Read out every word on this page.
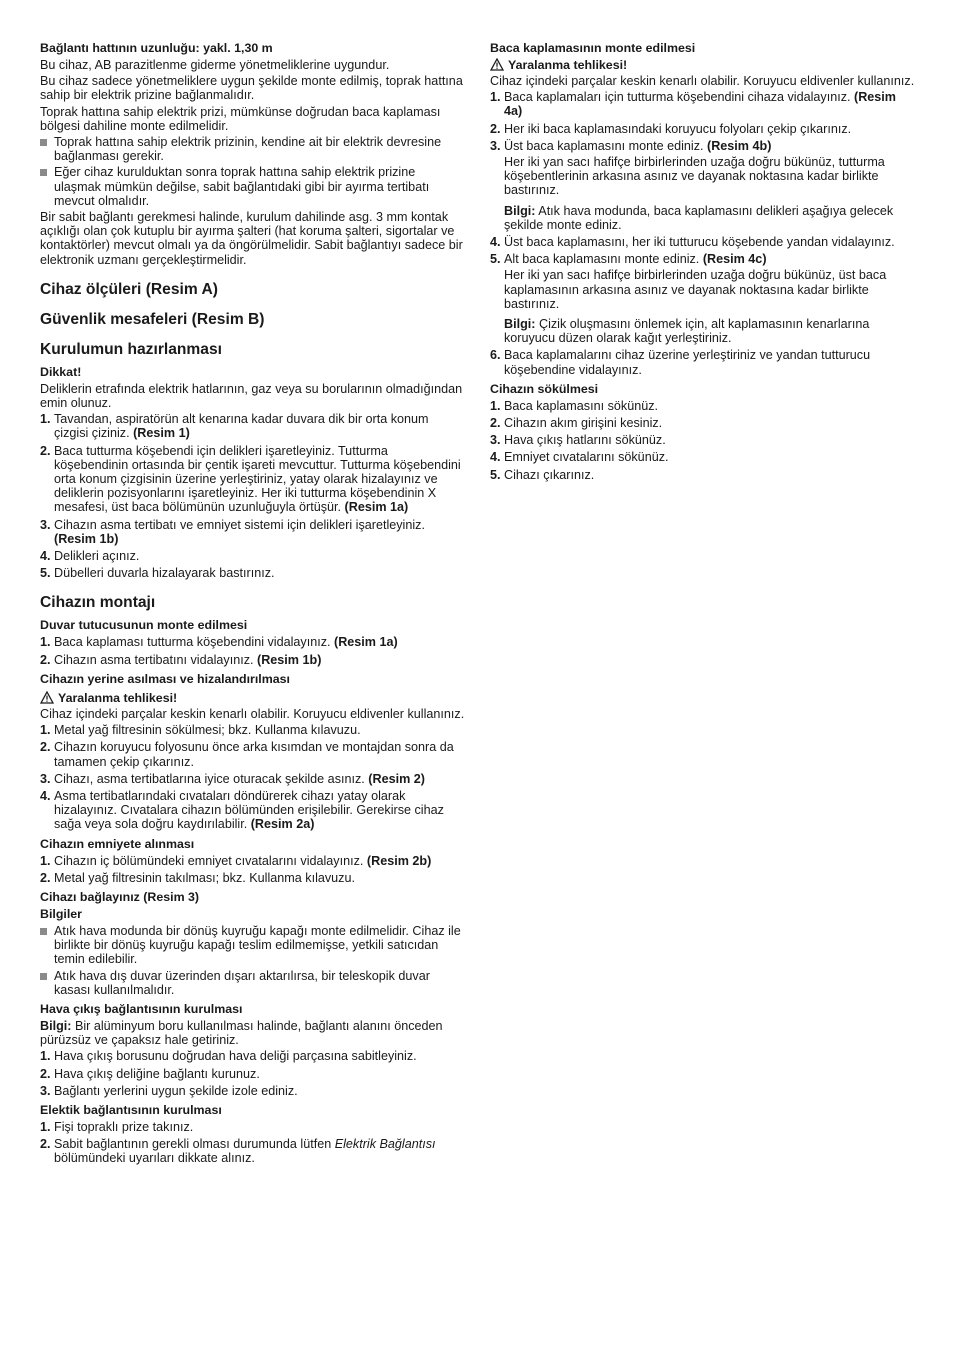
Bağlantı hattının uzunluğu: yakl. 1,30 m

Bu cihaz, AB parazitlenme giderme yönetmeliklerine uygundur.

Bu cihaz sadece yönetmeliklere uygun şekilde monte edilmiş, toprak hattına sahip bir elektrik prizine bağlanmalıdır.

Toprak hattına sahip elektrik prizi, mümkünse doğrudan baca kaplaması bölgesi dahiline monte edilmelidir.

Toprak hattına sahip elektrik prizinin, kendine ait bir elektrik devresine bağlanması gerekir.
Eğer cihaz kurulduktan sonra toprak hattına sahip elektrik prizine ulaşmak mümkün değilse, sabit bağlantıdaki gibi bir ayırma tertibatı mevcut olmalıdır.

Bir sabit bağlantı gerekmesi halinde, kurulum dahilinde asg. 3 mm kontak açıklığı olan çok kutuplu bir ayırma şalteri (hat koruma şalteri, sigortalar ve kontaktörler) mevcut olmalı ya da öngörülmelidir. Sabit bağlantıyı sadece bir elektronik uzmanı gerçekleştirmelidir.

Cihaz ölçüleri (Resim A)
Güvenlik mesafeleri (Resim B)
Kurulumun hazırlanması
Dikkat!

Deliklerin etrafında elektrik hatlarının, gaz veya su borularının olmadığından emin olunuz.

1. Tavandan, aspiratörün alt kenarına kadar duvara dik bir orta konum çizgisi çiziniz. (Resim 1)
2. Baca tutturma köşebendi için delikleri işaretleyiniz. Tutturma köşebendinin ortasında bir çentik işareti mevcuttur. Tutturma köşebendini orta konum çizgisinin üzerine yerleştiriniz, yatay olarak hizalayınız ve deliklerin pozisyonlarını işaretleyiniz. Her iki tutturma köşebendinin X mesafesi, üst baca bölümünün uzunluğuyla örtüşür. (Resim 1a)
3. Cihazın asma tertibatı ve emniyet sistemi için delikleri işaretleyiniz. (Resim 1b)
4. Delikleri açınız.
5. Dübelleri duvarla hizalayarak bastırınız.
Cihazın montajı
Duvar tutucusunun monte edilmesi
1. Baca kaplaması tutturma köşebendini vidalayınız. (Resim 1a)
2. Cihazın asma tertibatını vidalayınız. (Resim 1b)
Cihazın yerine asılması ve hizalandırılması
Yaralanma tehlikesi!

Cihaz içindeki parçalar keskin kenarlı olabilir. Koruyucu eldivenler kullanınız.

1. Metal yağ filtresinin sökülmesi; bkz. Kullanma kılavuzu.
2. Cihazın koruyucu folyosunu önce arka kısımdan ve montajdan sonra da tamamen çekip çıkarınız.
3. Cihazı, asma tertibatlarına iyice oturacak şekilde asınız. (Resim 2)
4. Asma tertibatlarındaki cıvataları döndürerek cihazı yatay olarak hizalayınız. Cıvatalara cihazın bölümünden erişilebilir. Gerekirse cihaz sağa veya sola doğru kaydırılabilir. (Resim 2a)
Cihazın emniyete alınması
1. Cihazın iç bölümündeki emniyet cıvatalarını vidalayınız. (Resim 2b)
2. Metal yağ filtresinin takılması; bkz. Kullanma kılavuzu.
Cihazı bağlayınız (Resim 3)
Bilgiler
Atık hava modunda bir dönüş kuyruğu kapağı monte edilmelidir. Cihaz ile birlikte bir dönüş kuyruğu kapağı teslim edilmemişse, yetkili satıcıdan temin edilebilir.
Atık hava dış duvar üzerinden dışarı aktarılırsa, bir teleskopik duvar kasası kullanılmalıdır.
Hava çıkış bağlantısının kurulması

Bilgi: Bir alüminyum boru kullanılması halinde, bağlantı alanını önceden pürüzsüz ve çapaksız hale getiriniz.

1. Hava çıkış borusunu doğrudan hava deliği parçasına sabitleyiniz.
2. Hava çıkış deliğine bağlantı kurunuz.
3. Bağlantı yerlerini uygun şekilde izole ediniz.
Elektik bağlantısının kurulması
1. Fişi topraklı prize takınız.
2. Sabit bağlantının gerekli olması durumunda lütfen Elektrik Bağlantısı bölümündeki uyarıları dikkate alınız.
Baca kaplamasının monte edilmesi
Yaralanma tehlikesi!

Cihaz içindeki parçalar keskin kenarlı olabilir. Koruyucu eldivenler kullanınız.

1. Baca kaplamaları için tutturma köşebendini cihaza vidalayınız. (Resim 4a)
2. Her iki baca kaplamasındaki koruyucu folyoları çekip çıkarınız.
3. Üst baca kaplamasını monte ediniz. (Resim 4b)
Her iki yan sacı hafifçe birbirlerinden uzağa doğru bükünüz, tutturma köşebentlerinin arkasına asınız ve dayanak noktasına kadar birlikte bastırınız.
Bilgi: Atık hava modunda, baca kaplamasını delikleri aşağıya gelecek şekilde monte ediniz.
4. Üst baca kaplamasını, her iki tutturucu köşebende yandan vidalayınız.
5. Alt baca kaplamasını monte ediniz. (Resim 4c)
Her iki yan sacı hafifçe birbirlerinden uzağa doğru bükünüz, üst baca kaplamasının arkasına asınız ve dayanak noktasına kadar birlikte bastırınız.
Bilgi: Çizik oluşmasını önlemek için, alt kaplamasının kenarlarına koruyucu düzen olarak kağıt yerleştiriniz.
6. Baca kaplamalarını cihaz üzerine yerleştiriniz ve yandan tutturucu köşebendine vidalayınız.
Cihazın sökülmesi
1. Baca kaplamasını sökünüz.
2. Cihazın akım girişini kesiniz.
3. Hava çıkış hatlarını sökünüz.
4. Emniyet cıvatalarını sökünüz.
5. Cihazı çıkarınız.
